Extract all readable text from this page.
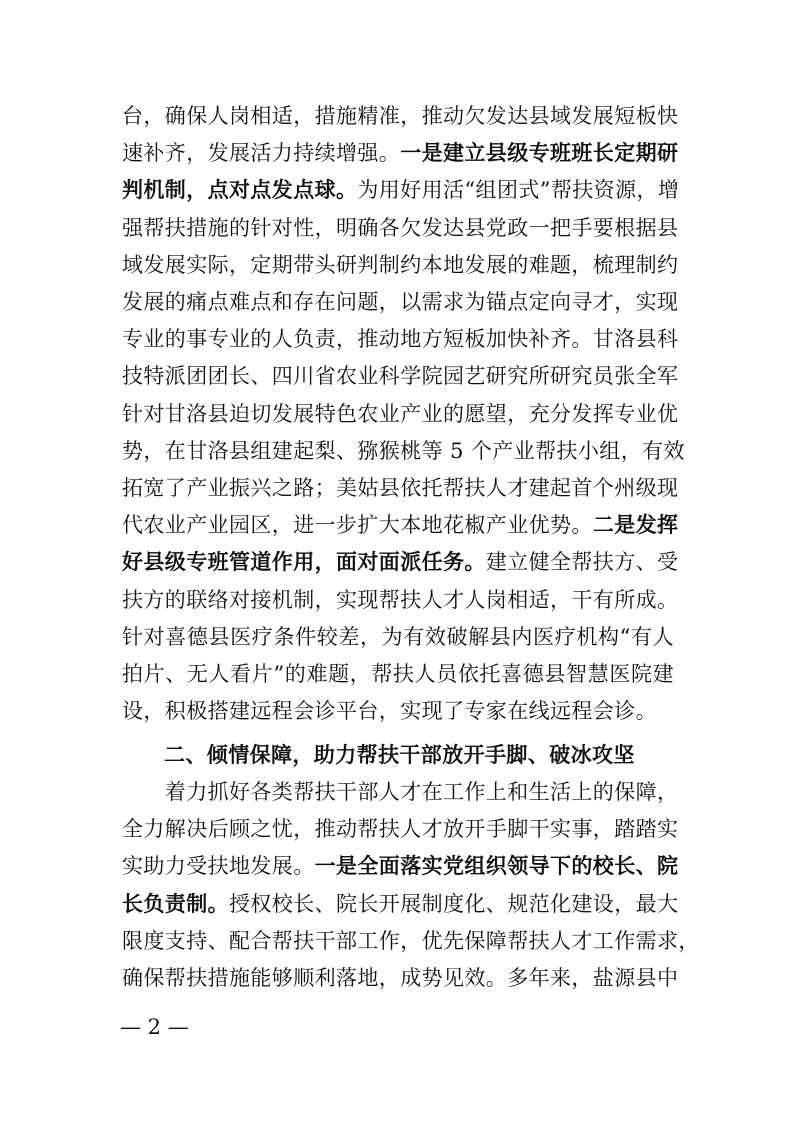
台，确保人岗相适，措施精准，推动欠发达县域发展短板快
速补齐，发展活力持续增强。一是建立县级专班班长定期研
判机制，点对点发点球。为用好用活“组团式”帮扶资源，增
强帮扶措施的针对性，明确各欠发达县党政一把手要根据县
域发展实际，定期带头研判制约本地发展的难题，梳理制约
发展的痛点难点和存在问题，以需求为锚点定向寻才，实现
专业的事专业的人负责，推动地方短板加快补齐。甘洛县科
技特派团团长、四川省农业科学院园艺研究所研究员张全军
针对甘洛县迫切发展特色农业产业的愿望，充分发挥专业优
势，在甘洛县组建起梨、猕猴桃等 5 个产业帮扶小组，有效
拓宽了产业振兴之路；美姑县依托帮扶人才建起首个州级现
代农业产业园区，进一步扩大本地花椒产业优势。二是发挥
好县级专班管道作用，面对面派任务。建立健全帮扶方、受
扶方的联络对接机制，实现帮扶人才人岗相适，干有所成。
针对喜德县医疗条件较差，为有效破解县内医疗机构“有人
拍片、无人看片”的难题，帮扶人员依托喜德县智慧医院建
设，积极搭建远程会诊平台，实现了专家在线远程会诊。
二、倾情保障，助力帮扶干部放开手脚、破冰攻坚
　　着力抓好各类帮扶干部人才在工作上和生活上的保障，
全力解决后顾之忧，推动帮扶人才放开手脚干实事，踏踏实
实助力受扶地发展。一是全面落实党组织领导下的校长、院
长负责制。授权校长、院长开展制度化、规范化建设，最大
限度支持、配合帮扶干部工作，优先保障帮扶人才工作需求，
确保帮扶措施能够顺利落地，成势见效。多年来，盐源县中
— 2 —
